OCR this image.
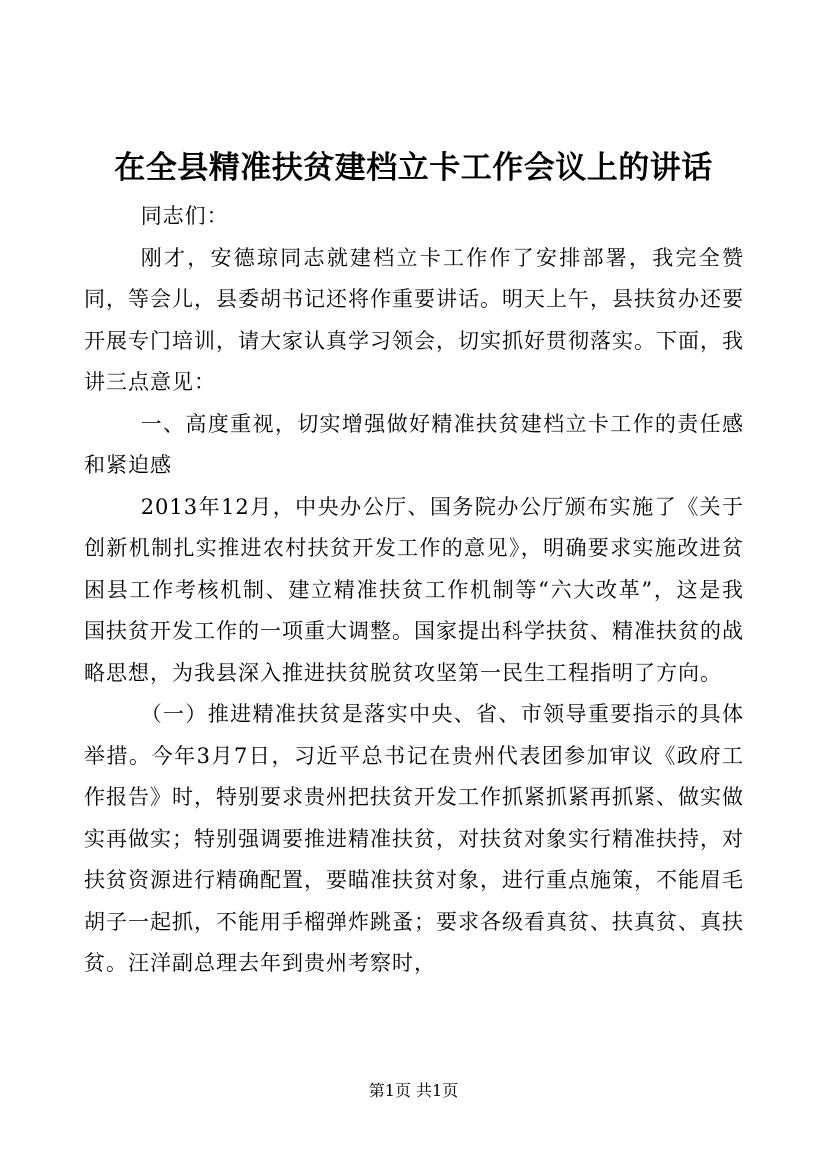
在全县精准扶贫建档立卡工作会议上的讲话

同志们：

刚才，安德琼同志就建档立卡工作作了安排部署，我完全赞同，等会儿，县委胡书记还将作重要讲话。明天上午，县扶贫办还要开展专门培训，请大家认真学习领会，切实抓好贯彻落实。下面，我讲三点意见：

一、高度重视，切实增强做好精准扶贫建档立卡工作的责任感和紧迫感

2013年12月，中央办公厅、国务院办公厅颁布实施了《关于创新机制扎实推进农村扶贫开发工作的意见》，明确要求实施改进贫困县工作考核机制、建立精准扶贫工作机制等“六大改革”，这是我国扶贫开发工作的一项重大调整。国家提出科学扶贫、精准扶贫的战略思想，为我县深入推进扶贫脱贫攻坚第一民生工程指明了方向。

（一）推进精准扶贫是落实中央、省、市领导重要指示的具体举措。今年3月7日，习近平总书记在贵州代表团参加审议《政府工作报告》时，特别要求贵州把扶贫开发工作抓紧抓紧再抓紧、做实做实再做实；特别强调要推进精准扶贫，对扶贫对象实行精准扶持，对扶贫资源进行精确配置，要瞄准扶贫对象，进行重点施策，不能眉毛胡子一起抓，不能用手榴弹炸跳蚤；要求各级看真贫、扶真贫、真扶贫。汪洋副总理去年到贵州考察时，

第1页 共1页
